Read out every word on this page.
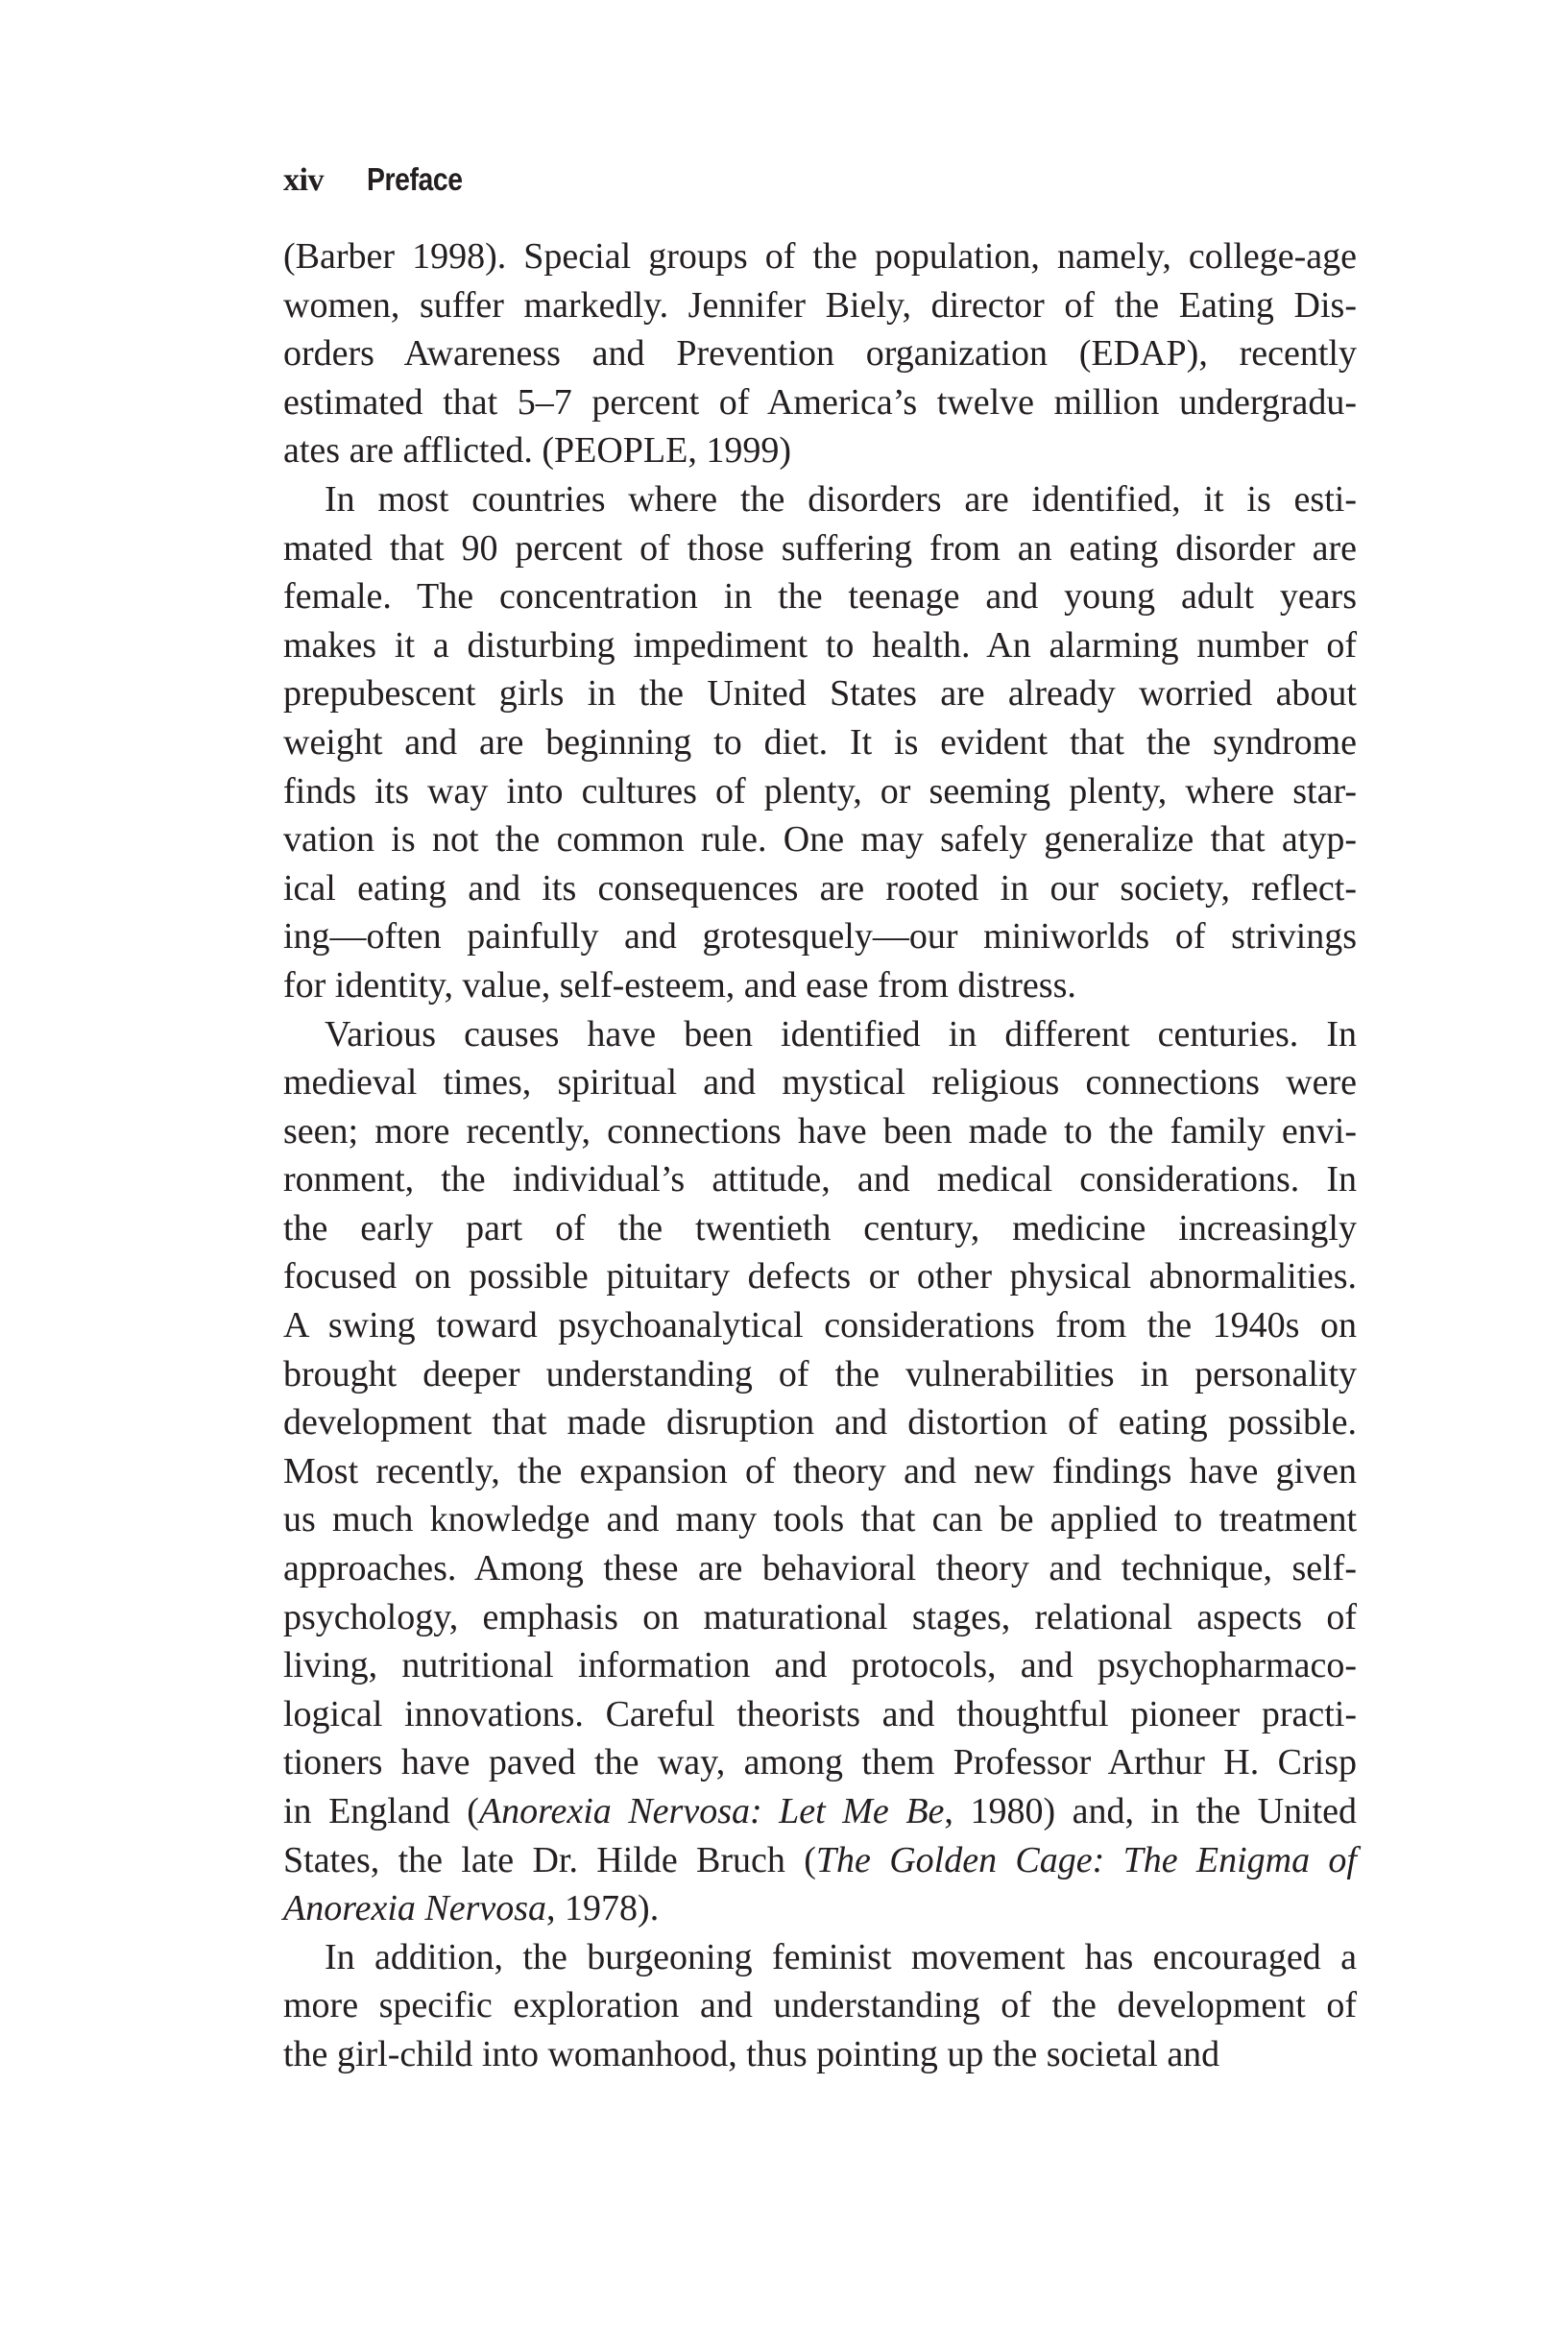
xiv	Preface
(Barber 1998). Special groups of the population, namely, college-age
women, suffer markedly. Jennifer Biely, director of the Eating Dis-
orders Awareness and Prevention organization (EDAP), recently
estimated that 5–7 percent of America’s twelve million undergradu-
ates are afflicted. (PEOPLE, 1999)
In most countries where the disorders are identified, it is esti-
mated that 90 percent of those suffering from an eating disorder are
female. The concentration in the teenage and young adult years
makes it a disturbing impediment to health. An alarming number of
prepubescent girls in the United States are already worried about
weight and are beginning to diet. It is evident that the syndrome
finds its way into cultures of plenty, or seeming plenty, where star-
vation is not the common rule. One may safely generalize that atyp-
ical eating and its consequences are rooted in our society, reflect-
ing—often painfully and grotesquely—our miniworlds of strivings
for identity, value, self-esteem, and ease from distress.
Various causes have been identified in different centuries. In
medieval times, spiritual and mystical religious connections were
seen; more recently, connections have been made to the family envi-
ronment, the individual’s attitude, and medical considerations. In
the early part of the twentieth century, medicine increasingly
focused on possible pituitary defects or other physical abnormalities.
A swing toward psychoanalytical considerations from the 1940s on
brought deeper understanding of the vulnerabilities in personality
development that made disruption and distortion of eating possible.
Most recently, the expansion of theory and new findings have given
us much knowledge and many tools that can be applied to treatment
approaches. Among these are behavioral theory and technique, self-
psychology, emphasis on maturational stages, relational aspects of
living, nutritional information and protocols, and psychopharmaco-
logical innovations. Careful theorists and thoughtful pioneer practi-
tioners have paved the way, among them Professor Arthur H. Crisp
in England (Anorexia Nervosa: Let Me Be, 1980) and, in the United
States, the late Dr. Hilde Bruch (The Golden Cage: The Enigma of
Anorexia Nervosa, 1978).
In addition, the burgeoning feminist movement has encouraged a
more specific exploration and understanding of the development of
the girl-child into womanhood, thus pointing up the societal and
